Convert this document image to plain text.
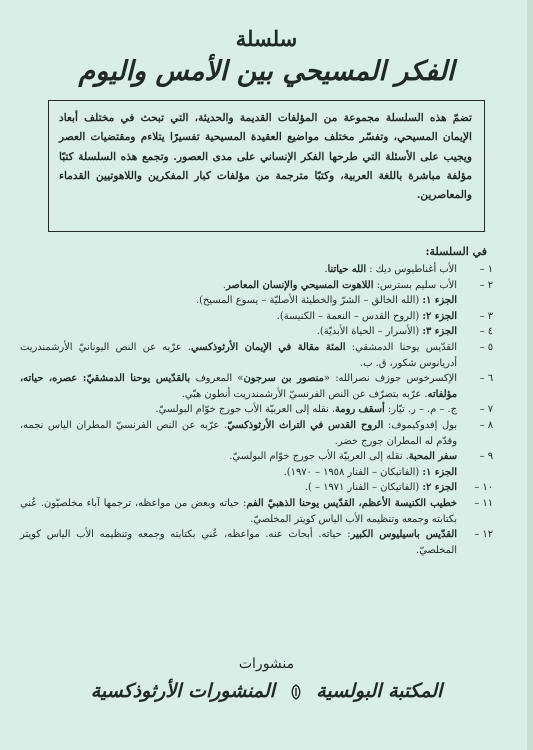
سلسلة
الفكر المسيحي بين الأمس واليوم

تضمّ هذه السلسلة مجموعة من المؤلفات القديمة والحديثة، التي تبحث في مختلف أبعاد الإيمان المسيحي، وتفسّر مختلف مواضيع العقيدة المسيحية تفسيرًا يتلاءم ومقتضيات العصر ويجيب على الأسئلة التي طرحها الفكر الإنساني على مدى العصور. وتجمع هذه السلسلة كتبًا مؤلفة مباشرة باللغة العربية، وكتبًا مترجمة من مؤلفات كبار المفكرين واللاهوتيين القدماء والمعاصرين.

في السلسلة:
١ –
الأب أغناطيوس ديك : الله حياتنا.
٢ –
الأب سليم بسترس: اللاهوت المسيحي والإنسان المعاصر.
الجزء ١: (الله الخالق – الشرّ والخطيئة الأصليّة – يسوع المسيح).
٣ –
الجزء ٢: (الروح القدس – النعمة – الكنيسة).
٤ –
الجزء ٣: (الأسرار – الحياة الأبديّة).
٥ –
القدّيس يوحنا الدمشقي: المئة مقالة في الإيمان الأرثوذكسي. عرّبه عن النص اليونانيّ الأرشمندريت أدريانوس شكور، ق. ب.
٦ –
الإكسرخوس جوزف نصرالله: «منصور بن سرجون» المعروف بالقدّيس يوحنا الدمشقيّ: عصره، حياته، مؤلفاته. عرّبه بتصرّف عن النص الفرنسيّ الأرشمندريت أنطون هبّي.
٧ –
ج. – م. – ر. تيّار: أسقف رومة. نقله إلى العربيّة الأب جورج خوّام البولسيّ.
٨ –
بول إفدوكيموف: الروح القدس في التراث الأرثوذكسيّ. عرّبه عن النص الفرنسيّ المطران الياس نجمه، وقدّم له المطران جورج خضر.
٩ –
سفر المحبة. نقله إلى العربيّة الأب جورج خوّام البولسيّ.
الجزء ١: (الفاتيكان – الفنار ١٩٥٨ – ١٩٧٠).
١٠ –
الجزء ٢: (الفاتيكان – الفنار ١٩٧١ – ).
١١ –
خطيب الكنيسة الأعظم، القدّيس يوحنا الذهبيّ الفم: حياته وبعض من مواعظه، ترجمها آباء مخلصيّون. عُني بكتابته وجمعه وتنظيمه الأب الياس كويتر المخلصيّ.
١٢ –
القدّيس باسيليوس الكبير: حياته. أبحاث عنه. مواعظه، عُني بكتابته وجمعه وتنظيمه الأب الياس كويتر المخلصيّ.
منشورات
المكتبة البولسية  المنشورات الأرثوذكسية
